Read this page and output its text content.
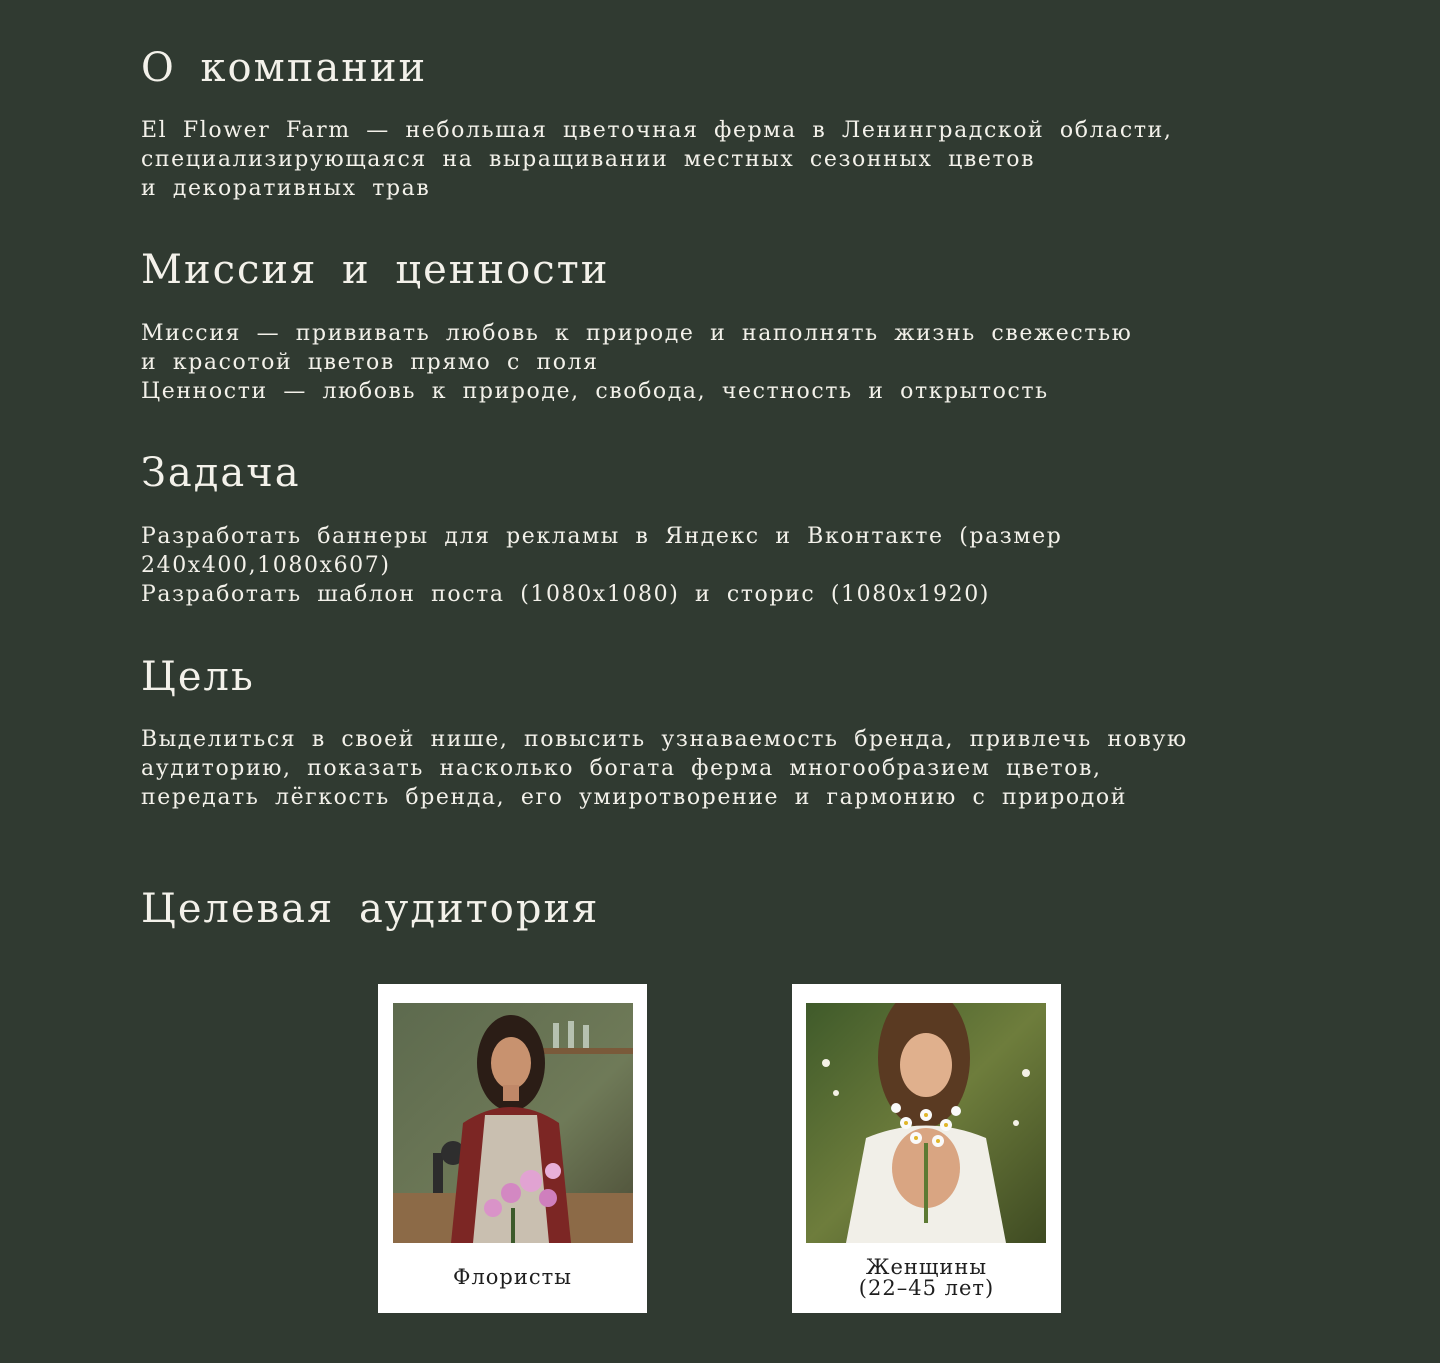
О компании
El Flower Farm — небольшая цветочная ферма в Ленинградской области,
специализирующаяся на выращивании местных сезонных цветов
и декоративных трав
Миссия и ценности
Миссия — прививать любовь к природе и наполнять жизнь свежестью
и красотой цветов прямо с поля
Ценности — любовь к природе, свобода, честность и открытость
Задача
Разработать баннеры для рекламы в Яндекс и Вконтакте (размер
240x400,1080x607)
Разработать шаблон поста (1080x1080) и сторис (1080x1920)
Цель
Выделиться в своей нише, повысить узнаваемость бренда, привлечь новую
аудиторию, показать насколько богата ферма многообразием цветов,
передать лёгкость бренда, его умиротворение и гармонию с природой
Целевая аудитория
Флористы	Женщины
(22–45 лет)
